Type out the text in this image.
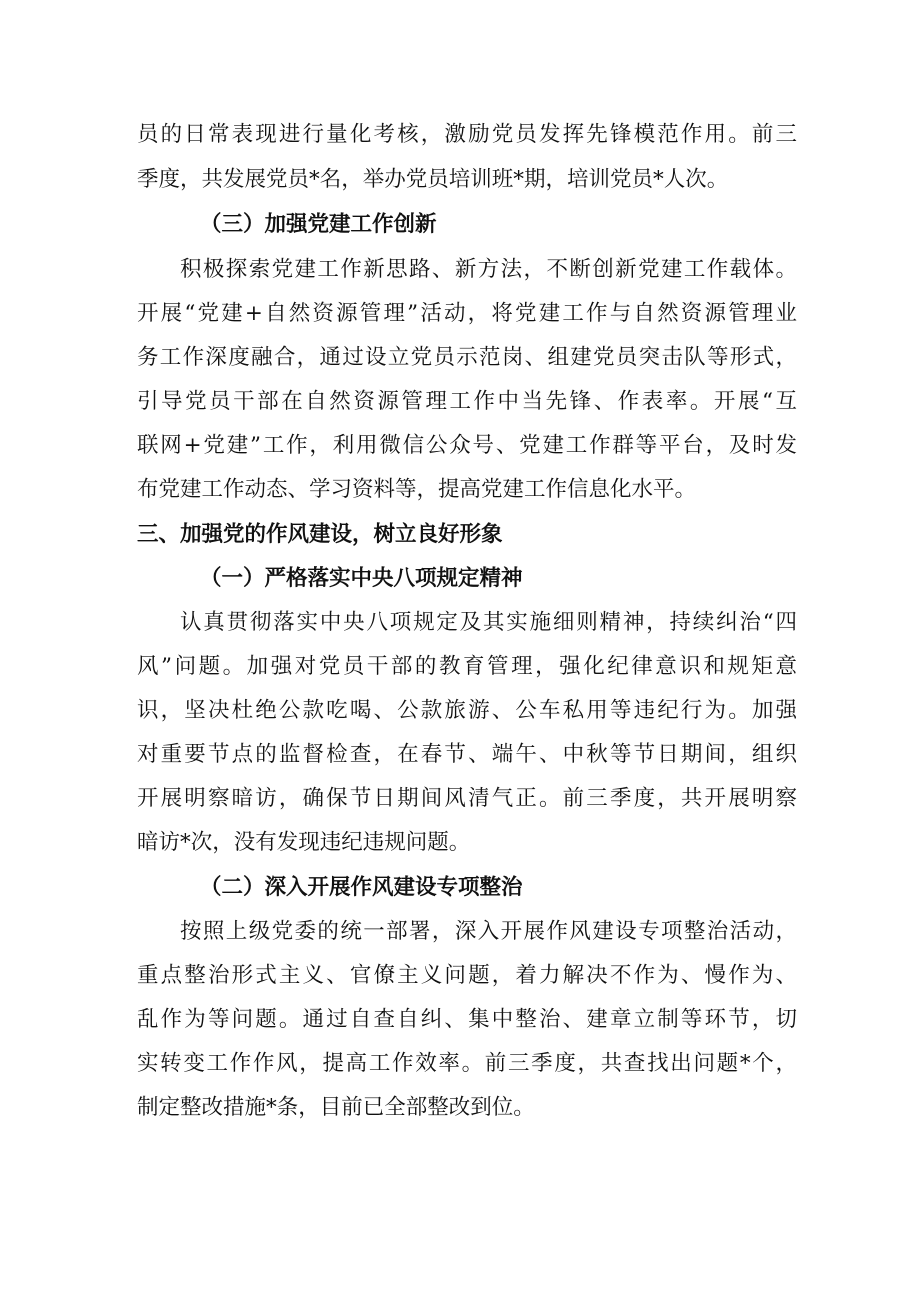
员的日常表现进行量化考核，激励党员发挥先锋模范作用。前三
季度，共发展党员*名，举办党员培训班*期，培训党员*人次。
（三）加强党建工作创新
积极探索党建工作新思路、新方法，不断创新党建工作载体。
开展“党建+自然资源管理”活动，将党建工作与自然资源管理业
务工作深度融合，通过设立党员示范岗、组建党员突击队等形式，
引导党员干部在自然资源管理工作中当先锋、作表率。开展“互
联网+党建”工作，利用微信公众号、党建工作群等平台，及时发
布党建工作动态、学习资料等，提高党建工作信息化水平。
三、加强党的作风建设，树立良好形象
（一）严格落实中央八项规定精神
认真贯彻落实中央八项规定及其实施细则精神，持续纠治“四
风”问题。加强对党员干部的教育管理，强化纪律意识和规矩意
识，坚决杜绝公款吃喝、公款旅游、公车私用等违纪行为。加强
对重要节点的监督检查，在春节、端午、中秋等节日期间，组织
开展明察暗访，确保节日期间风清气正。前三季度，共开展明察
暗访*次，没有发现违纪违规问题。
（二）深入开展作风建设专项整治
按照上级党委的统一部署，深入开展作风建设专项整治活动，
重点整治形式主义、官僚主义问题，着力解决不作为、慢作为、
乱作为等问题。通过自查自纠、集中整治、建章立制等环节，切
实转变工作作风，提高工作效率。前三季度，共查找出问题*个，
制定整改措施*条，目前已全部整改到位。
